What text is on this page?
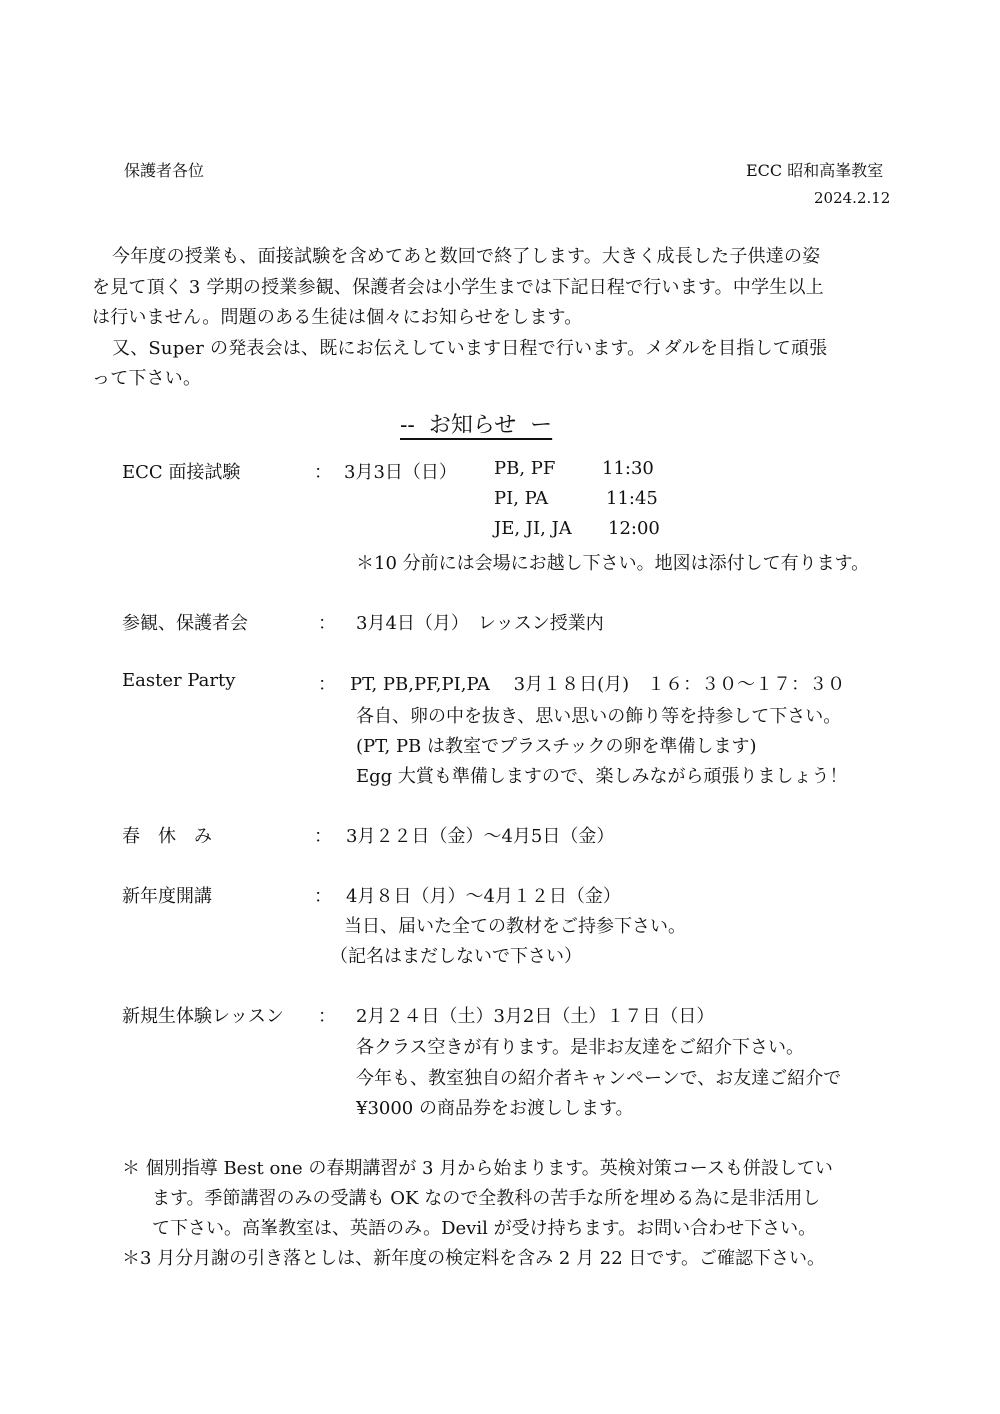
保護者各位	ECC 昭和高峯教室
2024.2.12
今年度の授業も、面接試験を含めてあと数回で終了します。大きく成長した子供達の姿
を見て頂く 3 学期の授業参観、保護者会は小学生までは下記日程で行います。中学生以上
は行いません。問題のある生徒は個々にお知らせをします。
又、Super の発表会は、既にお伝えしています日程で行います。メダルを目指して頑張
って下さい。
--  お知らせ  ー
ECC 面接試験	： 3月3日（日） PB, PF	11:30
PI, PA	11:45
JE, JI, JA 12:00
＊10 分前には会場にお越し下さい。地図は添付して有ります。
参観、保護者会	： 3月4日（月）　レッスン授業内
Easter Party	： PT, PB,PF,PI,PA　 3月１８日(月)　１６：３０～１７：３０
各自、卵の中を抜き、思い思いの飾り等を持参して下さい。
(PT, PB は教室でプラスチックの卵を準備します)
Egg 大賞も準備しますので、楽しみながら頑張りましょう！
春　休　み	： 3月２２日（金）～4月5日（金）
新年度開講	： 4月８日（月）～4月１２日（金）
当日、届いた全ての教材をご持参下さい。
（記名はまだしないで下さい）
新規生体験レッスン ： 2月２４日（土）3月2日（土）１７日（日）
各クラス空きが有ります。是非お友達をご紹介下さい。
今年も、教室独自の紹介者キャンペーンで、お友達ご紹介で
¥3000 の商品券をお渡しします。
＊ 個別指導 Best one の春期講習が 3 月から始まります。英検対策コースも併設してい
ます。季節講習のみの受講も OK なので全教科の苦手な所を埋める為に是非活用し
て下さい。高峯教室は、英語のみ。Devil が受け持ちます。お問い合わせ下さい。
＊3 月分月謝の引き落としは、新年度の検定料を含み 2 月 22 日です。ご確認下さい。
